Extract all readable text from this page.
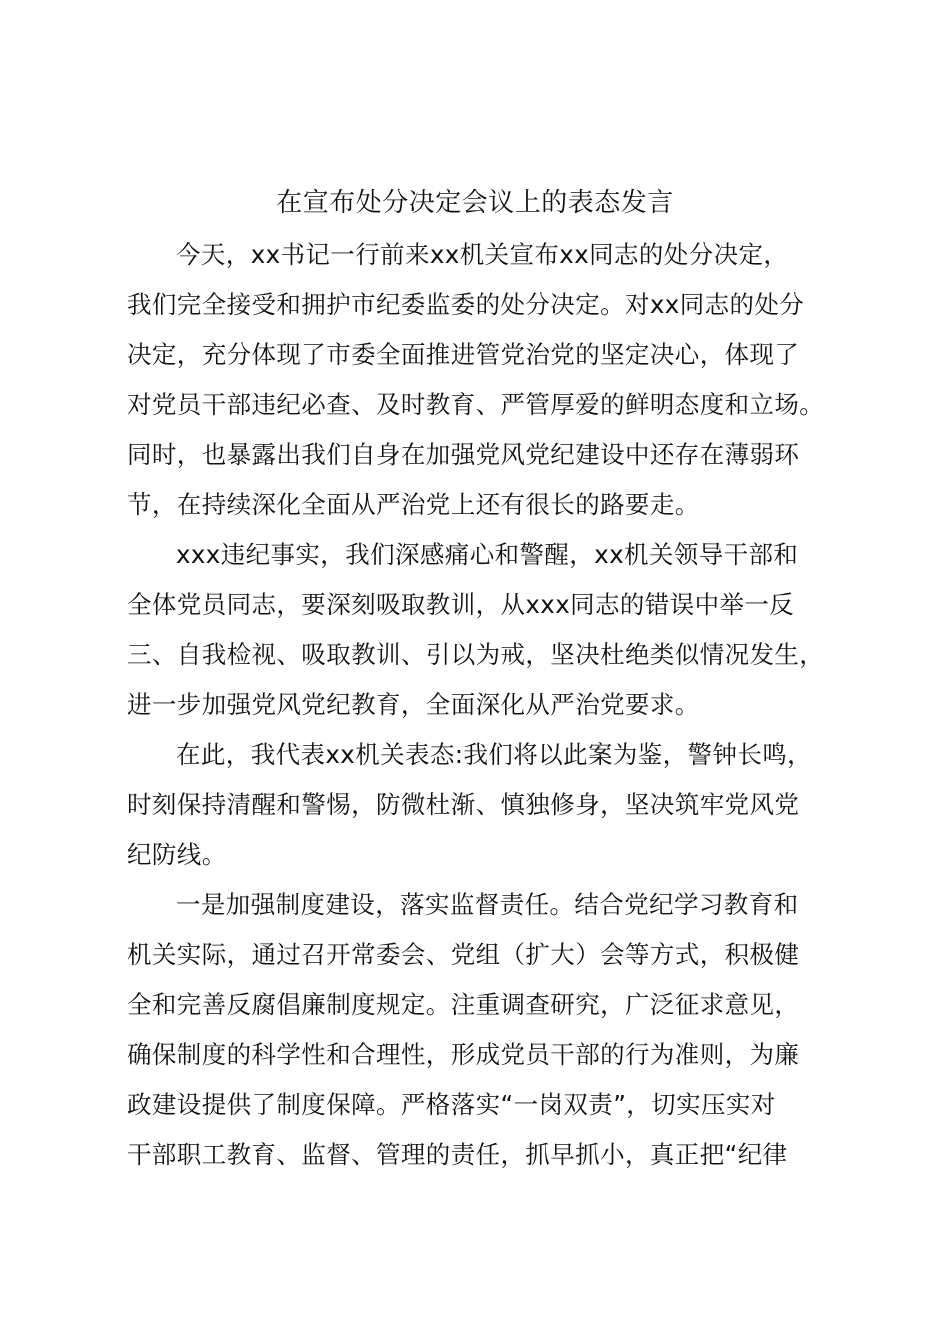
在宣布处分决定会议上的表态发言
今天，xx书记一行前来xx机关宣布xx同志的处分决定，
我们完全接受和拥护市纪委监委的处分决定。对xx同志的处分
决定，充分体现了市委全面推进管党治党的坚定决心，体现了
对党员干部违纪必查、及时教育、严管厚爱的鲜明态度和立场。
同时，也暴露出我们自身在加强党风党纪建设中还存在薄弱环
节，在持续深化全面从严治党上还有很长的路要走。
xxx违纪事实，我们深感痛心和警醒，xx机关领导干部和
全体党员同志，要深刻吸取教训，从xxx同志的错误中举一反
三、自我检视、吸取教训、引以为戒，坚决杜绝类似情况发生，
进一步加强党风党纪教育，全面深化从严治党要求。
在此，我代表xx机关表态:我们将以此案为鉴，警钟长鸣，
时刻保持清醒和警惕，防微杜渐、慎独修身，坚决筑牢党风党
纪防线。
一是加强制度建设，落实监督责任。结合党纪学习教育和
机关实际，通过召开常委会、党组（扩大）会等方式，积极健
全和完善反腐倡廉制度规定。注重调查研究，广泛征求意见，
确保制度的科学性和合理性，形成党员干部的行为准则，为廉
政建设提供了制度保障。严格落实“一岗双责”，切实压实对
干部职工教育、监督、管理的责任，抓早抓小，真正把“纪律
